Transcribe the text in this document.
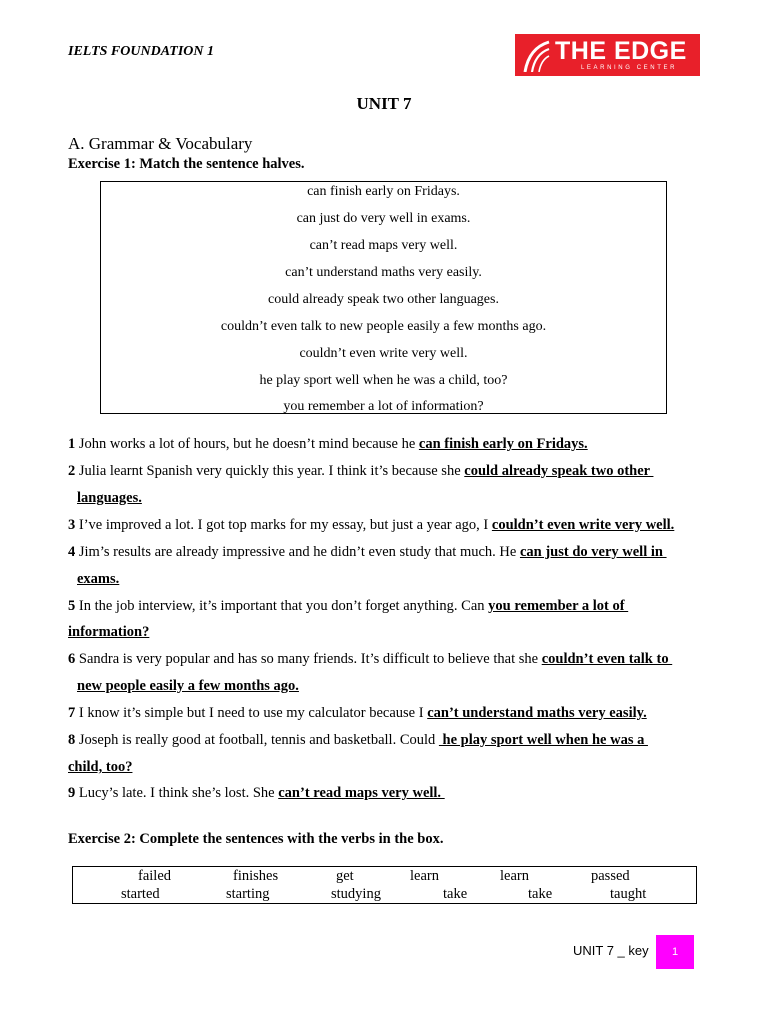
IELTS FOUNDATION 1	THE EDGE
LEARNING CENTER
UNIT 7
A. Grammar & Vocabulary
Exercise 1: Match the sentence halves.
can finish early on Fridays.
can just do very well in exams.
can’t read maps very well.
can’t understand maths very easily.
could already speak two other languages.
couldn’t even talk to new people easily a few months ago.
couldn’t even write very well.
he play sport well when he was a child, too?
you remember a lot of information?
1 John works a lot of hours, but he doesn’t mind because he can finish early on Fridays.
2 Julia learnt Spanish very quickly this year. I think it’s because she could already speak two other
languages.
3 I’ve improved a lot. I got top marks for my essay, but just a year ago, I couldn’t even write very well.
4 Jim’s results are already impressive and he didn’t even study that much. He can just do very well in
exams.
5 In the job interview, it’s important that you don’t forget anything. Can you remember a lot of
information?
6 Sandra is very popular and has so many friends. It’s difficult to believe that she couldn’t even talk to
new people easily a few months ago.
7 I know it’s simple but I need to use my calculator because I can’t understand maths very easily.
8 Joseph is really good at football, tennis and basketball. Could  he play sport well when he was a
child, too?
9 Lucy’s late. I think she’s lost. She can’t read maps very well.
Exercise 2: Complete the sentences with the verbs in the box.
failed	finishes	get	learn	learn	passed
started	starting	studying	take	take	taught
UNIT 7 _ key	1
